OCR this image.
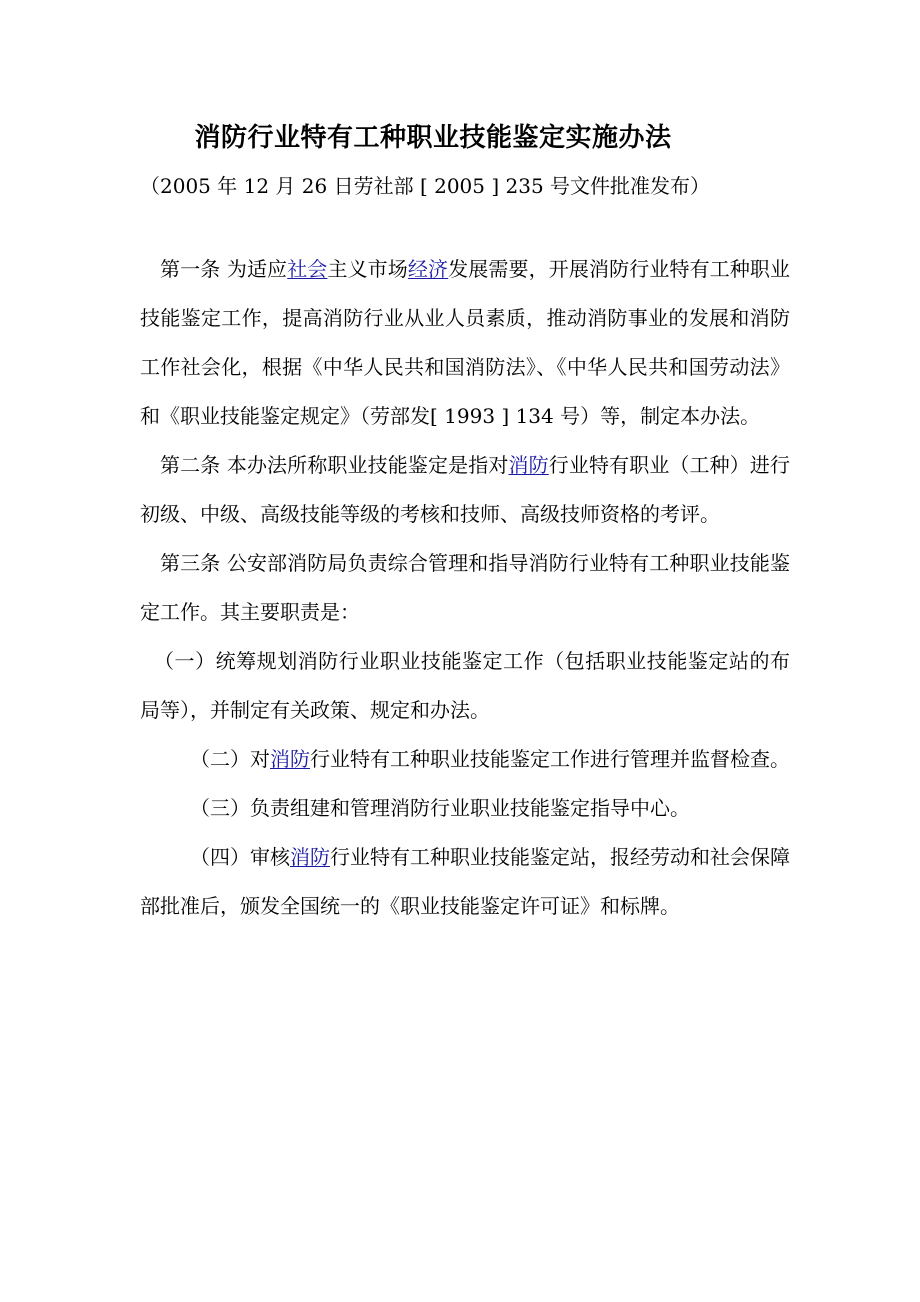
消防行业特有工种职业技能鉴定实施办法
（2005 年 12 月 26 日劳社部 [ 2005 ] 235 号文件批准发布）

第一条 为适应社会主义市场经济发展需要，开展消防行业特有工种职业技能鉴定工作，提高消防行业从业人员素质，推动消防事业的发展和消防工作社会化，根据《中华人民共和国消防法》、《中华人民共和国劳动法》和《职业技能鉴定规定》（劳部发[ 1993 ] 134 号）等，制定本办法。

第二条 本办法所称职业技能鉴定是指对消防行业特有职业（工种）进行初级、中级、高级技能等级的考核和技师、高级技师资格的考评。

第三条 公安部消防局负责综合管理和指导消防行业特有工种职业技能鉴定工作。其主要职责是：

（一）统筹规划消防行业职业技能鉴定工作（包括职业技能鉴定站的布局等），并制定有关政策、规定和办法。

（二）对消防行业特有工种职业技能鉴定工作进行管理并监督检查。

（三）负责组建和管理消防行业职业技能鉴定指导中心。

（四）审核消防行业特有工种职业技能鉴定站，报经劳动和社会保障部批准后，颁发全国统一的《职业技能鉴定许可证》和标牌。
